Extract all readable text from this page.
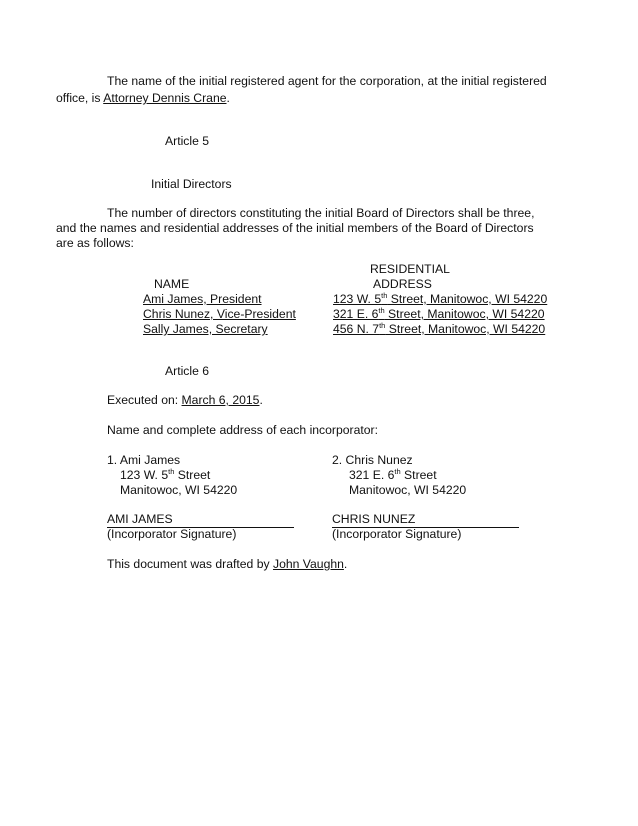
The name of the initial registered agent for the corporation, at the initial registered
office, is Attorney Dennis Crane.
Article 5
Initial Directors
The number of directors constituting the initial Board of Directors shall be three,
and the names and residential addresses of the initial members of the Board of Directors
are as follows:
RESIDENTIAL
NAME	ADDRESS
Ami James, President	123 W. 5th Street, Manitowoc, WI 54220
Chris Nunez, Vice-President	321 E. 6th Street, Manitowoc, WI 54220
Sally James, Secretary	456 N. 7th Street, Manitowoc, WI 54220
Article 6
Executed on: March 6, 2015.
Name and complete address of each incorporator:
1. Ami James
123 W. 5th Street
Manitowoc, WI 54220
AMI JAMES
(Incorporator Signature)
2. Chris Nunez
321 E. 6th Street
Manitowoc, WI 54220
CHRIS NUNEZ
(Incorporator Signature)
This document was drafted by John Vaughn.
